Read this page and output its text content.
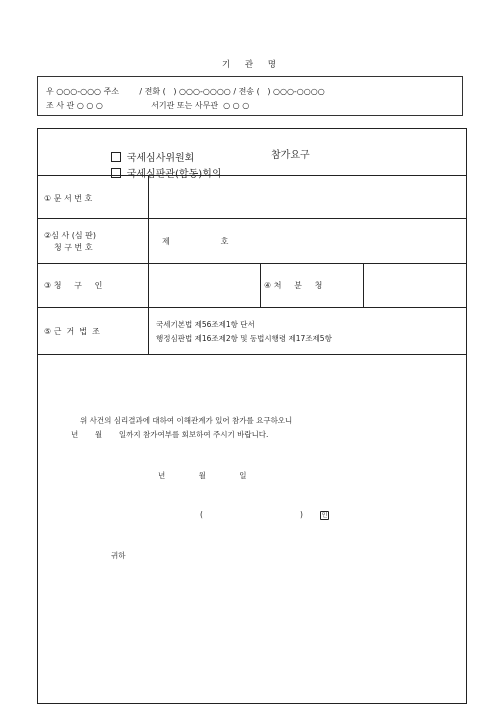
기 관 명
우 ○○○-○○○ 주소        / 전화 (   ) ○○○-○○○○ / 전송 (   ) ○○○-○○○○
조 사 관 ○ ○ ○                   서기관 또는 사무관  ○ ○ ○

국세심사위원회

국세심판관(합동)회의

참가요구
① 문 서 번 호
②심 사 (심 판)
청 구 번 호
제                    호
③ 청     구     인	④ 처     분     청
⑤ 근  거  법  조
국세기본법 제56조제1항 단서
행정심판법 제16조제2항 및 동법시행령 제17조제5항
위 사건의 심리결과에 대하여 이해관계가 있어 참가를 요구하오니
년       월       일까지 참가여부를 회보하여 주시기 바랍니다.
년              월              일
(	)	인
귀하
